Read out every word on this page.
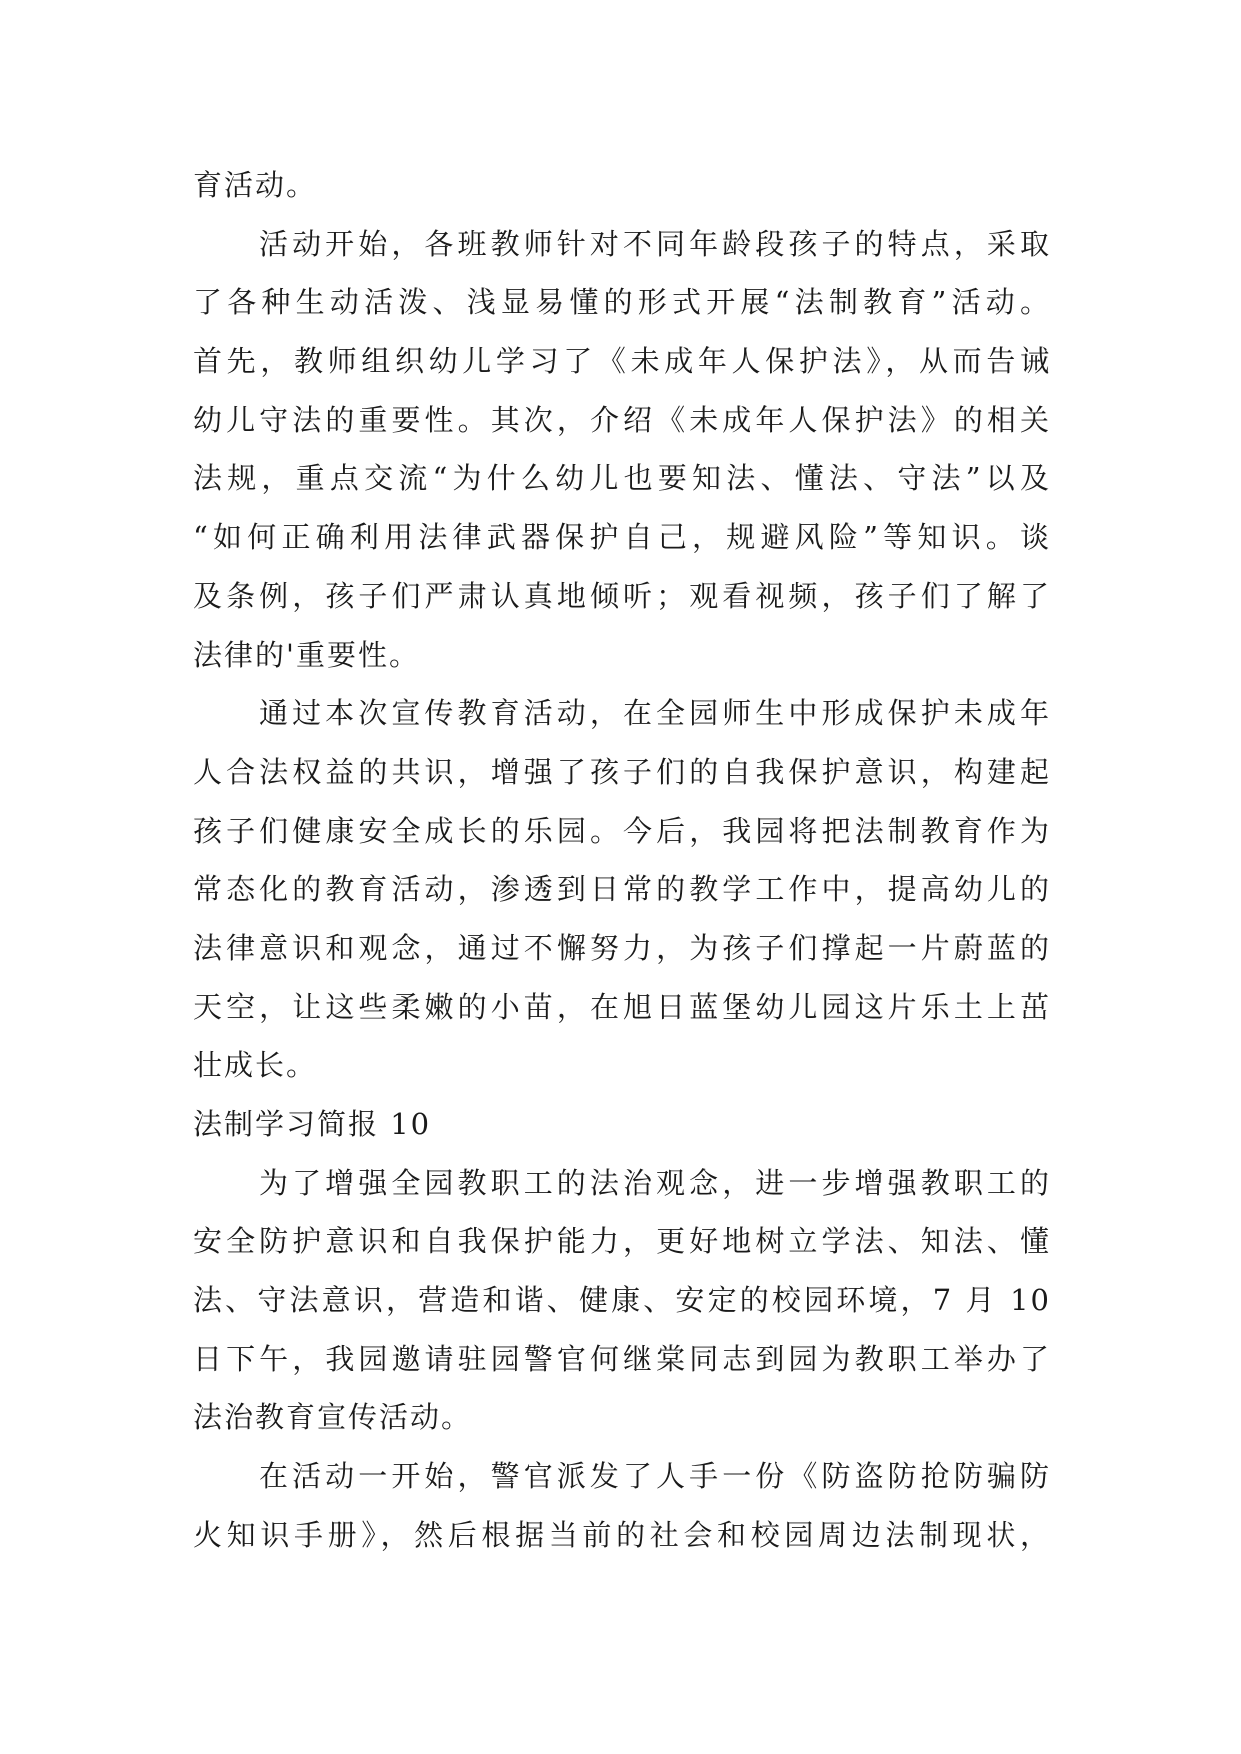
育活动。
活动开始，各班教师针对不同年龄段孩子的特点，采取
了各种生动活泼、浅显易懂的形式开展“法制教育”活动。
首先，教师组织幼儿学习了《未成年人保护法》，从而告诫
幼儿守法的重要性。其次，介绍《未成年人保护法》的相关
法规，重点交流“为什么幼儿也要知法、懂法、守法”以及
“如何正确利用法律武器保护自己，规避风险”等知识。谈
及条例，孩子们严肃认真地倾听；观看视频，孩子们了解了
法律的'重要性。
通过本次宣传教育活动，在全园师生中形成保护未成年
人合法权益的共识，增强了孩子们的自我保护意识，构建起
孩子们健康安全成长的乐园。今后，我园将把法制教育作为
常态化的教育活动，渗透到日常的教学工作中，提高幼儿的
法律意识和观念，通过不懈努力，为孩子们撑起一片蔚蓝的
天空，让这些柔嫩的小苗，在旭日蓝堡幼儿园这片乐土上茁
壮成长。
法制学习简报 10
为了增强全园教职工的法治观念，进一步增强教职工的
安全防护意识和自我保护能力，更好地树立学法、知法、懂
法、守法意识，营造和谐、健康、安定的校园环境，7 月 10
日下午，我园邀请驻园警官何继棠同志到园为教职工举办了
法治教育宣传活动。
在活动一开始，警官派发了人手一份《防盗防抢防骗防
火知识手册》，然后根据当前的社会和校园周边法制现状，
